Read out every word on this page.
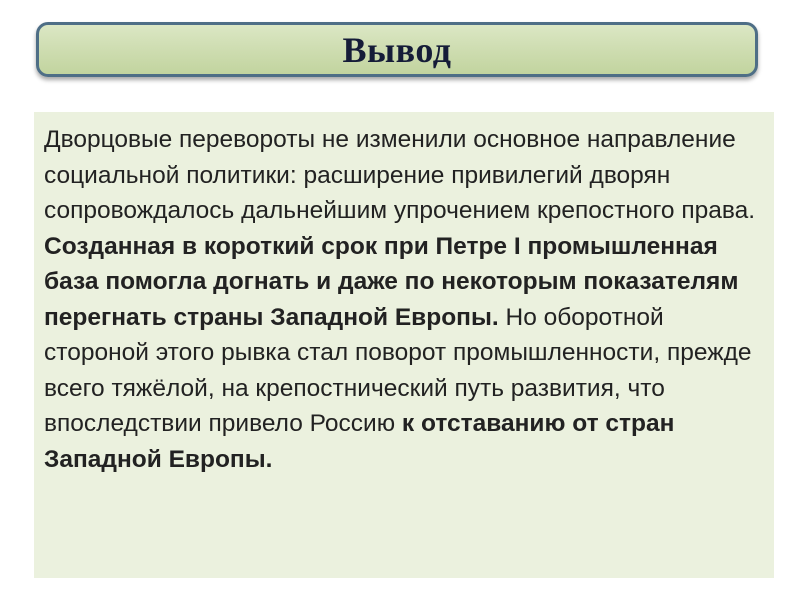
Вывод

Дворцовые перевороты не изменили основное направление социальной политики: расширение привилегий дворян сопровождалось дальнейшим упрочением крепостного права. Созданная в короткий срок при Петре I промышленная база помогла догнать и даже по некоторым показателям перегнать страны Западной Европы. Но оборотной стороной этого рывка стал поворот промышленности, прежде всего тяжёлой, на крепостнический путь развития, что впоследствии привело Россию к отставанию от стран Западной Европы.
